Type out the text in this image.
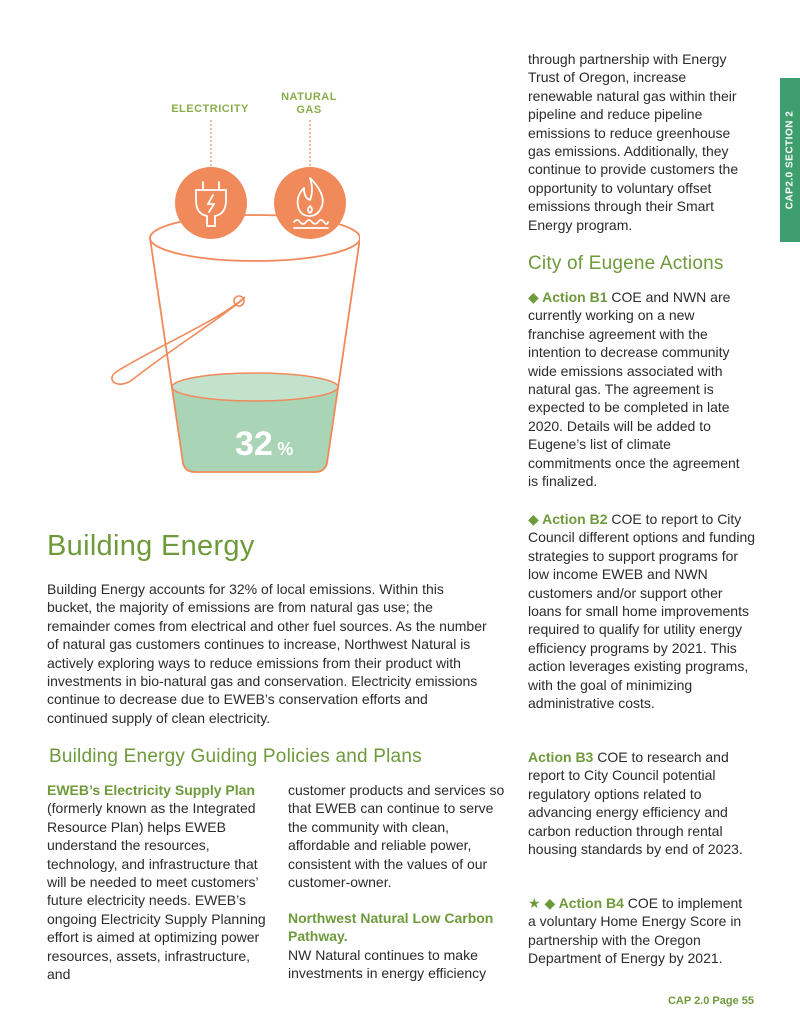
CAP2.0 SECTION 2
ELECTRICITY
NATURAL
GAS
32 %
Building Energy

Building Energy accounts for 32% of local emissions. Within this bucket, the majority of emissions are from natural gas use; the remainder comes from electrical and other fuel sources. As the number of natural gas customers continues to increase, Northwest Natural is actively exploring ways to reduce emissions from their product with investments in bio-natural gas and conservation. Electricity emissions continue to decrease due to EWEB’s conservation efforts and continued supply of clean electricity.

Building Energy Guiding Policies and Plans

EWEB’s Electricity Supply Plan (formerly known as the Integrated Resource Plan) helps EWEB understand the resources, technology, and infrastructure that will be needed to meet customers’ future electricity needs. EWEB’s ongoing Electricity Supply Planning effort is aimed at optimizing power resources, assets, infrastructure, and

customer products and services so that EWEB can continue to serve the community with clean, affordable and reliable power, consistent with the values of our customer-owner.

Northwest Natural Low Carbon Pathway.
NW Natural continues to make investments in energy efficiency

through partnership with Energy Trust of Oregon, increase renewable natural gas within their pipeline and reduce pipeline emissions to reduce greenhouse gas emissions. Additionally, they continue to provide customers the opportunity to voluntary offset emissions through their Smart Energy program.

City of Eugene Actions

◆ Action B1 COE and NWN are currently working on a new franchise agreement with the intention to decrease community wide emissions associated with natural gas. The agreement is expected to be completed in late 2020. Details will be added to Eugene’s list of climate commitments once the agreement is finalized.

◆ Action B2 COE to report to City Council different options and funding strategies to support programs for low income EWEB and NWN customers and/or support other loans for small home improvements required to qualify for utility energy efficiency programs by 2021. This action leverages existing programs, with the goal of minimizing administrative costs.

Action B3 COE to research and report to City Council potential regulatory options related to advancing energy efficiency and carbon reduction through rental housing standards by end of 2023.

★ ◆ Action B4 COE to implement a voluntary Home Energy Score in partnership with the Oregon Department of Energy by 2021.

CAP 2.0 Page 55
